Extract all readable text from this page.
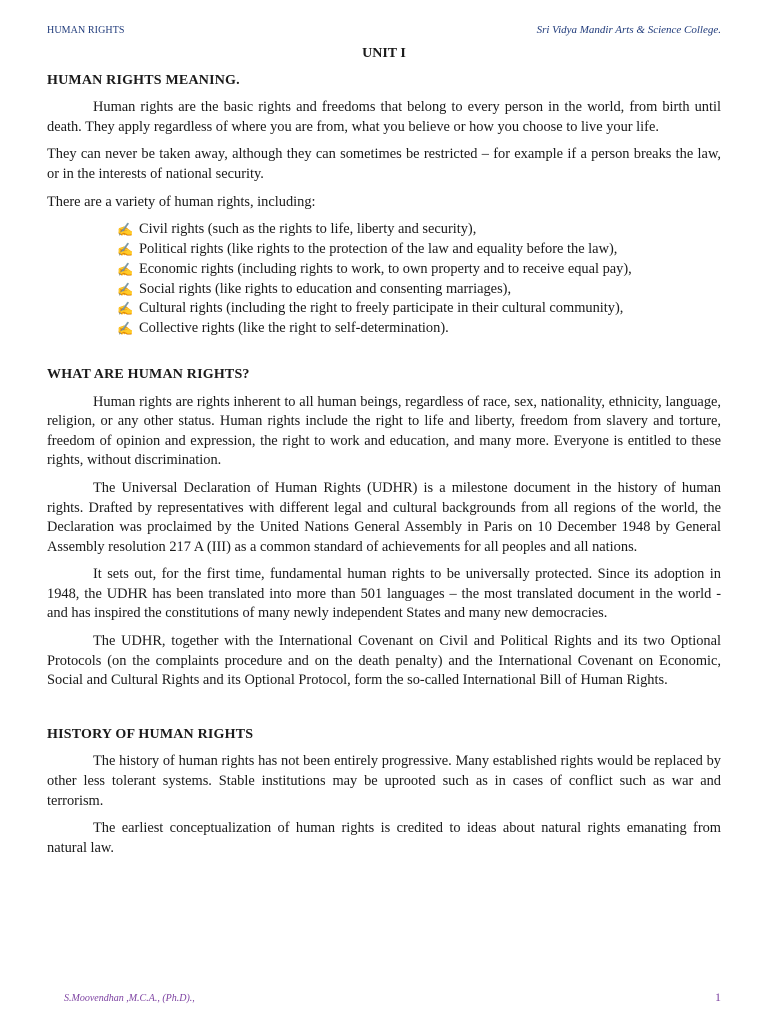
HUMAN RIGHTS	Sri Vidya Mandir Arts & Science College.
UNIT I
HUMAN RIGHTS MEANING.

Human rights are the basic rights and freedoms that belong to every person in the world, from birth until death. They apply regardless of where you are from, what you believe or how you choose to live your life.

They can never be taken away, although they can sometimes be restricted – for example if a person breaks the law, or in the interests of national security.

There are a variety of human rights, including:

✍ Civil rights (such as the rights to life, liberty and security),
✍ Political rights (like rights to the protection of the law and equality before the law),
✍ Economic rights (including rights to work, to own property and to receive equal pay),
✍ Social rights (like rights to education and consenting marriages),
✍ Cultural rights (including the right to freely participate in their cultural community),
✍ Collective rights (like the right to self-determination).
WHAT ARE HUMAN RIGHTS?

Human rights are rights inherent to all human beings, regardless of race, sex, nationality, ethnicity, language, religion, or any other status. Human rights include the right to life and liberty, freedom from slavery and torture, freedom of opinion and expression, the right to work and education, and many more. Everyone is entitled to these rights, without discrimination.

The Universal Declaration of Human Rights (UDHR) is a milestone document in the history of human rights. Drafted by representatives with different legal and cultural backgrounds from all regions of the world, the Declaration was proclaimed by the United Nations General Assembly in Paris on 10 December 1948 by General Assembly resolution 217 A (III) as a common standard of achievements for all peoples and all nations.

It sets out, for the first time, fundamental human rights to be universally protected. Since its adoption in 1948, the UDHR has been translated into more than 501 languages – the most translated document in the world - and has inspired the constitutions of many newly independent States and many new democracies.

The UDHR, together with the International Covenant on Civil and Political Rights and its two Optional Protocols (on the complaints procedure and on the death penalty) and the International Covenant on Economic, Social and Cultural Rights and its Optional Protocol, form the so-called International Bill of Human Rights.

HISTORY OF HUMAN RIGHTS

The history of human rights has not been entirely progressive. Many established rights would be replaced by other less tolerant systems. Stable institutions may be uprooted such as in cases of conflict such as war and terrorism.

The earliest conceptualization of human rights is credited to ideas about natural rights emanating from natural law.

S.Moovendhan ,M.C.A., (Ph.D).,	1
